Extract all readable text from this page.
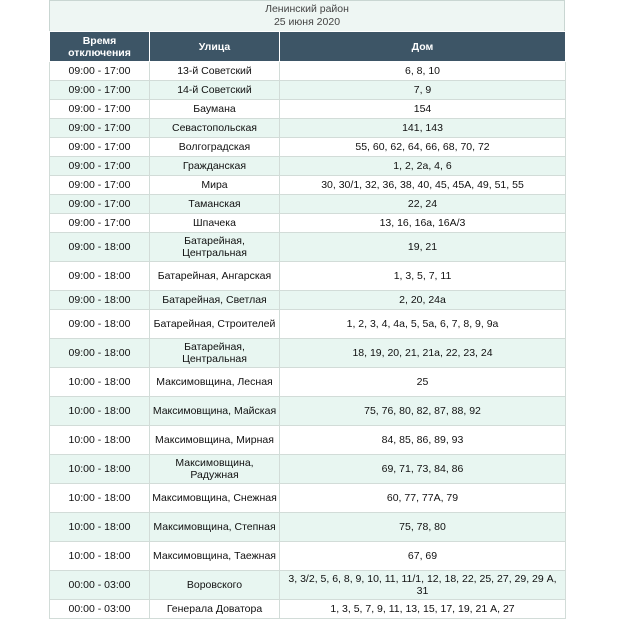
Ленинский район
25 июня 2020
Время отключения	Улица	Дом
09:00 - 17:00	13-й Советский	6, 8, 10
09:00 - 17:00	14-й Советский	7, 9
09:00 - 17:00	Баумана	154
09:00 - 17:00	Севастопольская	141, 143
09:00 - 17:00	Волгоградская	55, 60, 62, 64, 66, 68, 70, 72
09:00 - 17:00	Гражданская	1, 2, 2а, 4, 6
09:00 - 17:00	Мира	30, 30/1, 32, 36, 38, 40, 45, 45А, 49, 51, 55
09:00 - 17:00	Таманская	22, 24
09:00 - 17:00	Шпачека	13, 16, 16а, 16А/3
09:00 - 18:00	Батарейная, Центральная	19, 21
09:00 - 18:00	Батарейная, Ангарская	1, 3, 5, 7, 11
09:00 - 18:00	Батарейная, Светлая	2, 20, 24а
09:00 - 18:00	Батарейная, Строителей	1, 2, 3, 4, 4а, 5, 5а, 6, 7, 8, 9, 9а
09:00 - 18:00	Батарейная, Центральная	18, 19, 20, 21, 21а, 22, 23, 24
10:00 - 18:00	Максимовщина, Лесная	25
10:00 - 18:00	Максимовщина, Майская	75, 76, 80, 82, 87, 88, 92
10:00 - 18:00	Максимовщина, Мирная	84, 85, 86, 89, 93
10:00 - 18:00	Максимовщина, Радужная	69, 71, 73, 84, 86
10:00 - 18:00	Максимовщина, Снежная	60, 77, 77А, 79
10:00 - 18:00	Максимовщина, Степная	75, 78, 80
10:00 - 18:00	Максимовщина, Таежная	67, 69
00:00 - 03:00	Воровского	3, 3/2, 5, 6, 8, 9, 10, 11, 11/1, 12, 18, 22, 25, 27, 29, 29 А, 31
00:00 - 03:00	Генерала Доватора	1, 3, 5, 7, 9, 11, 13, 15, 17, 19, 21 А, 27
